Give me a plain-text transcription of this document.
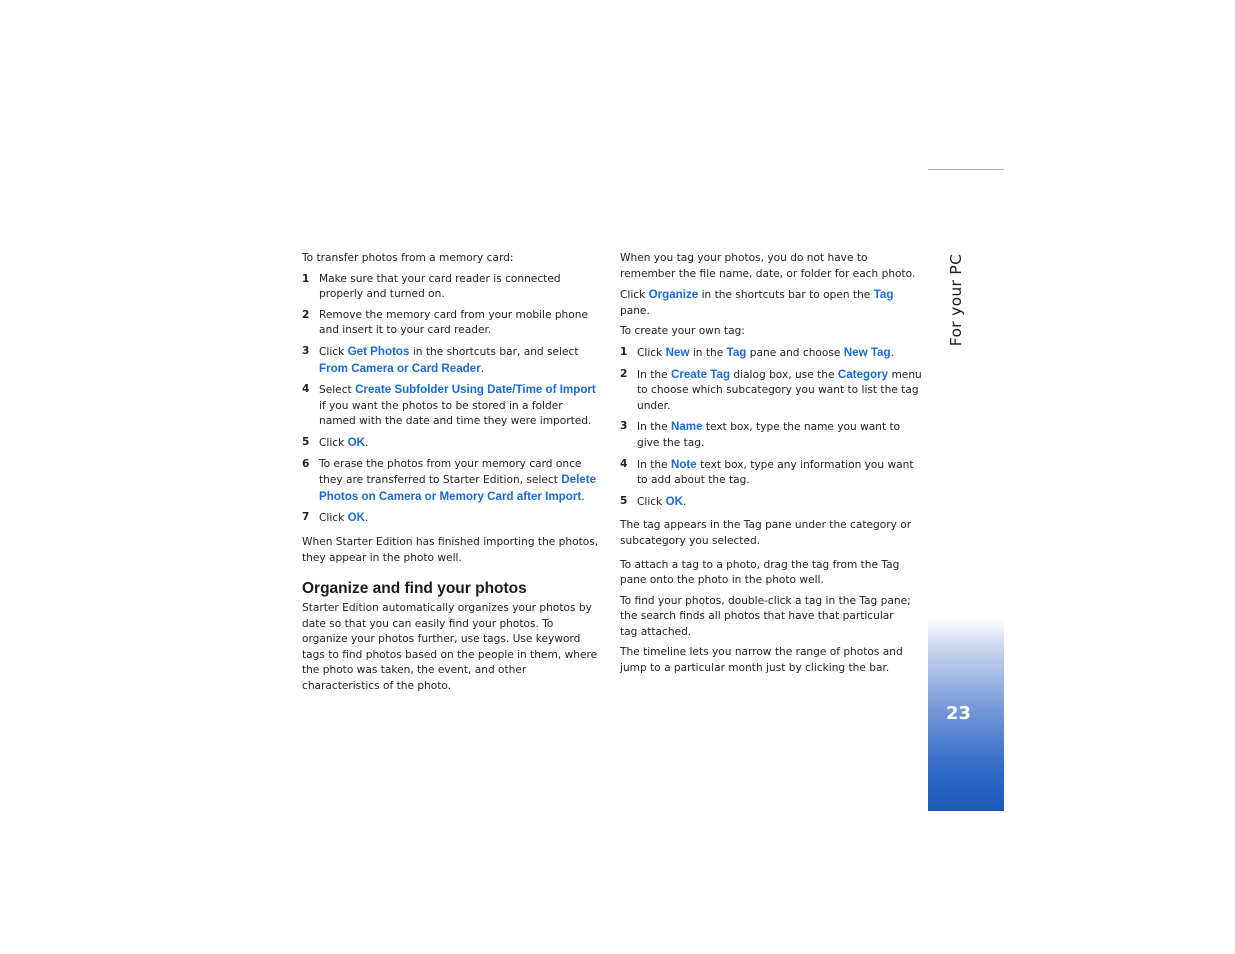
To transfer photos from a memory card:

1 Make sure that your card reader is connected properly and turned on.
2 Remove the memory card from your mobile phone and insert it to your card reader.
3 Click Get Photos in the shortcuts bar, and select From Camera or Card Reader.
4 Select Create Subfolder Using Date/Time of Import if you want the photos to be stored in a folder named with the date and time they were imported.
5 Click OK.
6 To erase the photos from your memory card once they are transferred to Starter Edition, select Delete Photos on Camera or Memory Card after Import.
7 Click OK.

When Starter Edition has finished importing the photos, they appear in the photo well.

Organize and find your photos

Starter Edition automatically organizes your photos by date so that you can easily find your photos. To organize your photos further, use tags. Use keyword tags to find photos based on the people in them, where the photo was taken, the event, and other characteristics of the photo.

When you tag your photos, you do not have to remember the file name, date, or folder for each photo.

Click Organize in the shortcuts bar to open the Tag pane.

To create your own tag:

1 Click New in the Tag pane and choose New Tag.
2 In the Create Tag dialog box, use the Category menu to choose which subcategory you want to list the tag under.
3 In the Name text box, type the name you want to give the tag.
4 In the Note text box, type any information you want to add about the tag.
5 Click OK.

The tag appears in the Tag pane under the category or subcategory you selected.

To attach a tag to a photo, drag the tag from the Tag pane onto the photo in the photo well.

To find your photos, double-click a tag in the Tag pane;
the search finds all photos that have that particular
tag attached.

The timeline lets you narrow the range of photos and jump to a particular month just by clicking the bar.

For your PC
23
